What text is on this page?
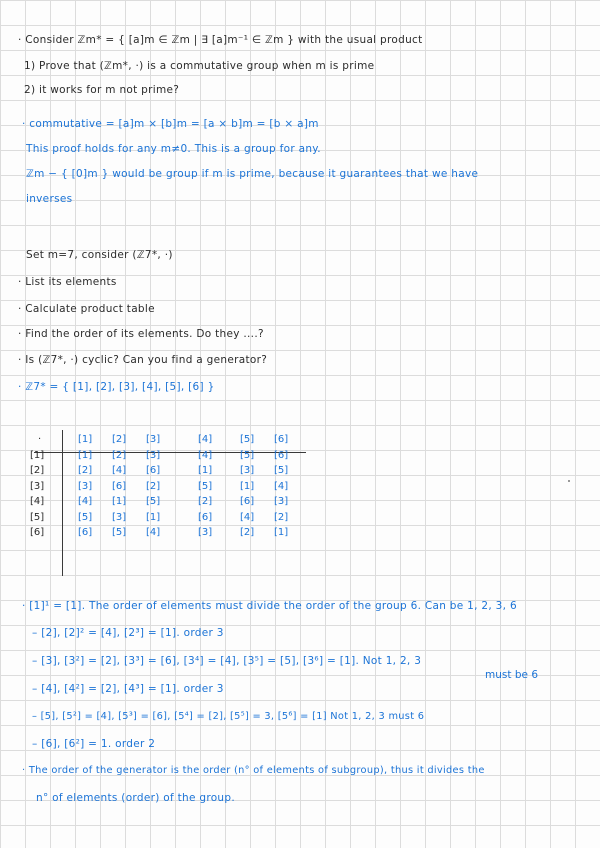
· Consider ℤm* = { [a]m ∈ ℤm | ∃ [a]m⁻¹ ∈ ℤm } with the usual product
1) Prove that (ℤm*, ·) is a commutative group when m is prime
2) it works for m not prime?
· commutative = [a]m × [b]m = [a × b]m = [b × a]m
This proof holds for any m≠0. This is a group for any.
ℤm − { [0]m } would be group if m is prime, because it guarantees that we have
inverses
Set m=7, consider (ℤ7*, ·)
· List its elements
· Calculate product table
· Find the order of its elements. Do they ....?
· Is (ℤ7*, ·) cyclic? Can you find a generator?
· ℤ7* = { [1], [2], [3], [4], [5], [6] }
·	[1]	[2]	[3]	[4]	[5]	[6]
[1]	[1]	[2]	[3]	[4]	[5]	[6]
[2]	[2]	[4]	[6]	[1]	[3]	[5]
[3]	[3]	[6]	[2]	[5]	[1]	[4]
[4]	[4]	[1]	[5]	[2]	[6]	[3]
[5]	[5]	[3]	[1]	[6]	[4]	[2]
[6]	[6]	[5]	[4]	[3]	[2]	[1]
· [1]¹ = [1]. The order of elements must divide the order of the group 6. Can be 1, 2, 3, 6
– [2], [2]² = [4], [2³] = [1]. order 3
– [3], [3²] = [2], [3³] = [6], [3⁴] = [4], [3⁵] = [5], [3⁶] = [1]. Not 1, 2, 3
must be 6
– [4], [4²] = [2], [4³] = [1]. order 3
– [5], [5²] = [4], [5³] = [6], [5⁴] = [2], [5⁵] = 3, [5⁶] = [1] Not 1, 2, 3 must 6
– [6], [6²] = 1. order 2
· The order of the generator is the order (n° of elements of subgroup), thus it divides the
n° of elements (order) of the group.
